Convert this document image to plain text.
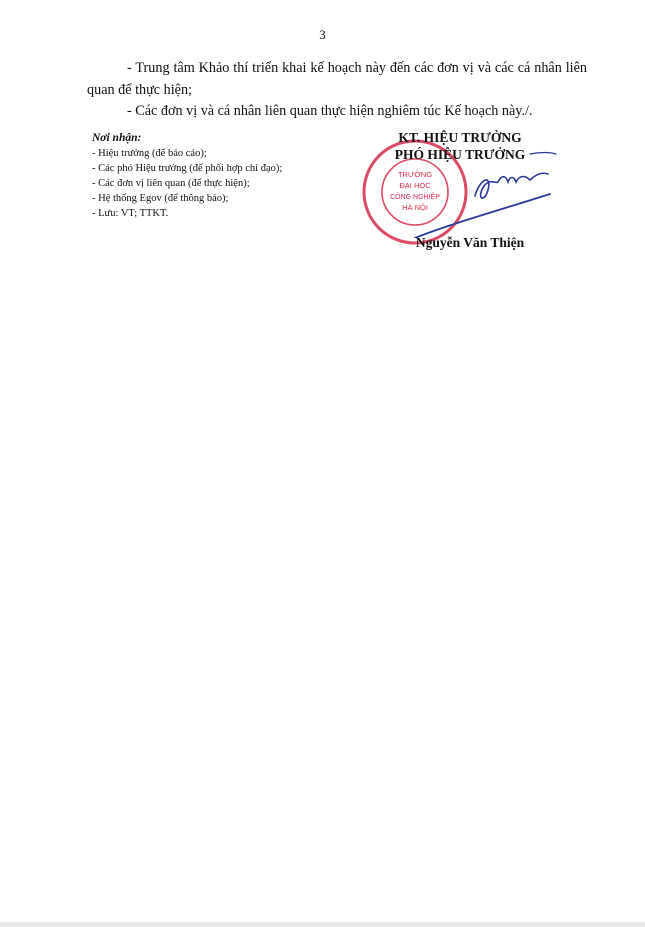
3

- Trung tâm Khảo thí triển khai kế hoạch này đến các đơn vị và các cá nhân liên quan để thực hiện;

- Các đơn vị và cá nhân liên quan thực hiện nghiêm túc Kế hoạch này./.

Nơi nhận:
- Hiệu trưởng (để báo cáo);
- Các phó Hiệu trưởng (để phối hợp chỉ đạo);
- Các đơn vị liên quan (để thực hiện);
- Hệ thống Egov (để thông báo);
- Lưu: VT; TTKT.
TRƯỜNG
ĐẠI HỌC
CÔNG NGHIỆP
HÀ NỘI
KT. HIỆU TRƯỞNG
PHÓ HIỆU TRƯỞNG
Nguyễn Văn Thiện
